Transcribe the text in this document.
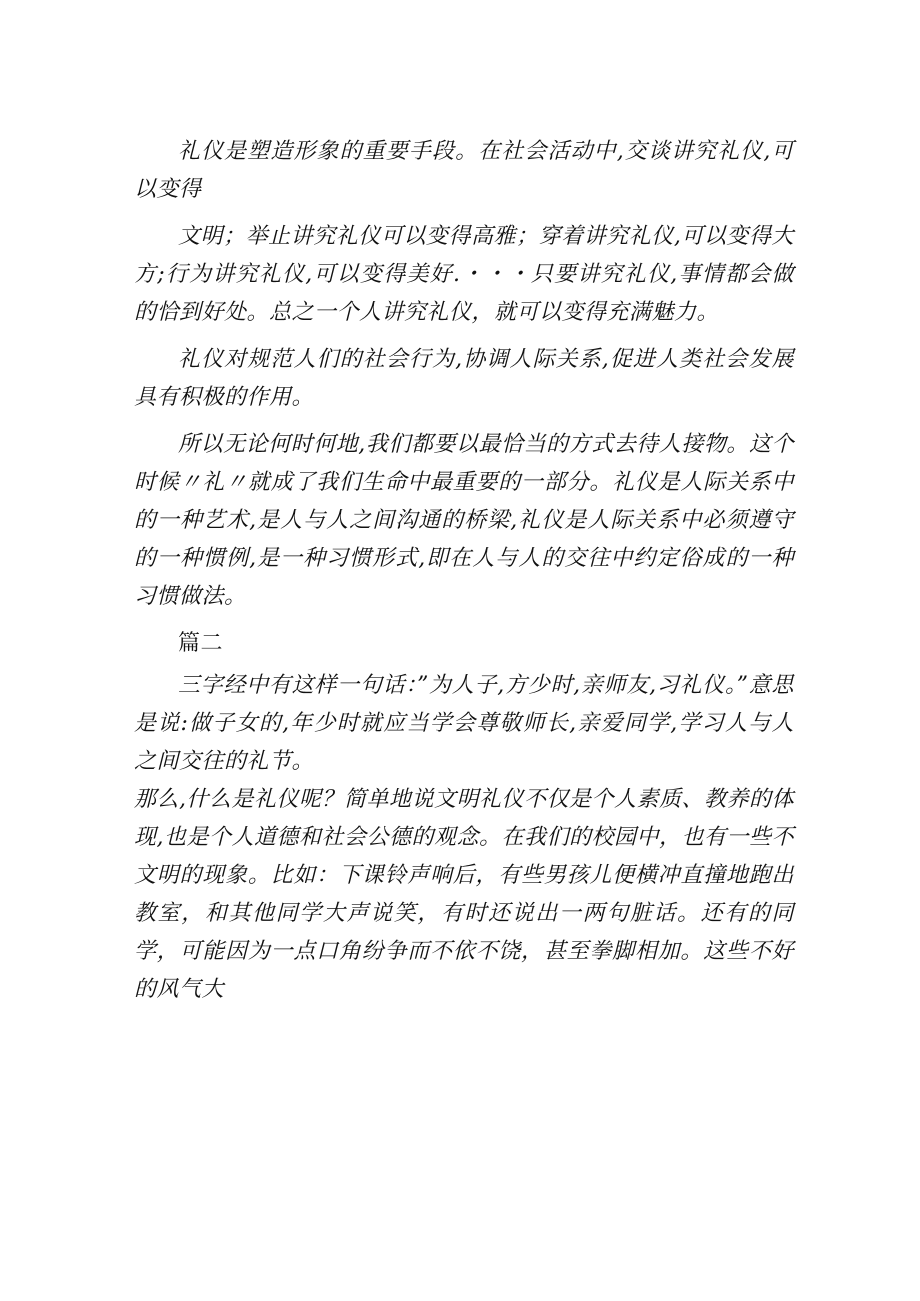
礼仪是塑造形象的重要手段。在社会活动中,交谈讲究礼仪,可以变得

文明；举止讲究礼仪可以变得高雅；穿着讲究礼仪,可以变得大方;行为讲究礼仪,可以变得美好.・・・只要讲究礼仪,事情都会做的恰到好处。总之一个人讲究礼仪，就可以变得充满魅力。

礼仪对规范人们的社会行为,协调人际关系,促进人类社会发展具有积极的作用。

所以无论何时何地,我们都要以最恰当的方式去待人接物。这个时候〃礼〃就成了我们生命中最重要的一部分。礼仪是人际关系中的一种艺术,是人与人之间沟通的桥梁,礼仪是人际关系中必须遵守的一种惯例,是一种习惯形式,即在人与人的交往中约定俗成的一种习惯做法。

篇二

三字经中有这样一句话：”为人子,方少时,亲师友,习礼仪。”意思是说:做子女的,年少时就应当学会尊敬师长,亲爱同学,学习人与人之间交往的礼节。

那么,什么是礼仪呢？简单地说文明礼仪不仅是个人素质、教养的体现,也是个人道德和社会公德的观念。在我们的校园中，也有一些不文明的现象。比如：下课铃声响后，有些男孩儿便横冲直撞地跑出教室，和其他同学大声说笑，有时还说出一两句脏话。还有的同学，可能因为一点口角纷争而不依不饶，甚至拳脚相加。这些不好的风气大
